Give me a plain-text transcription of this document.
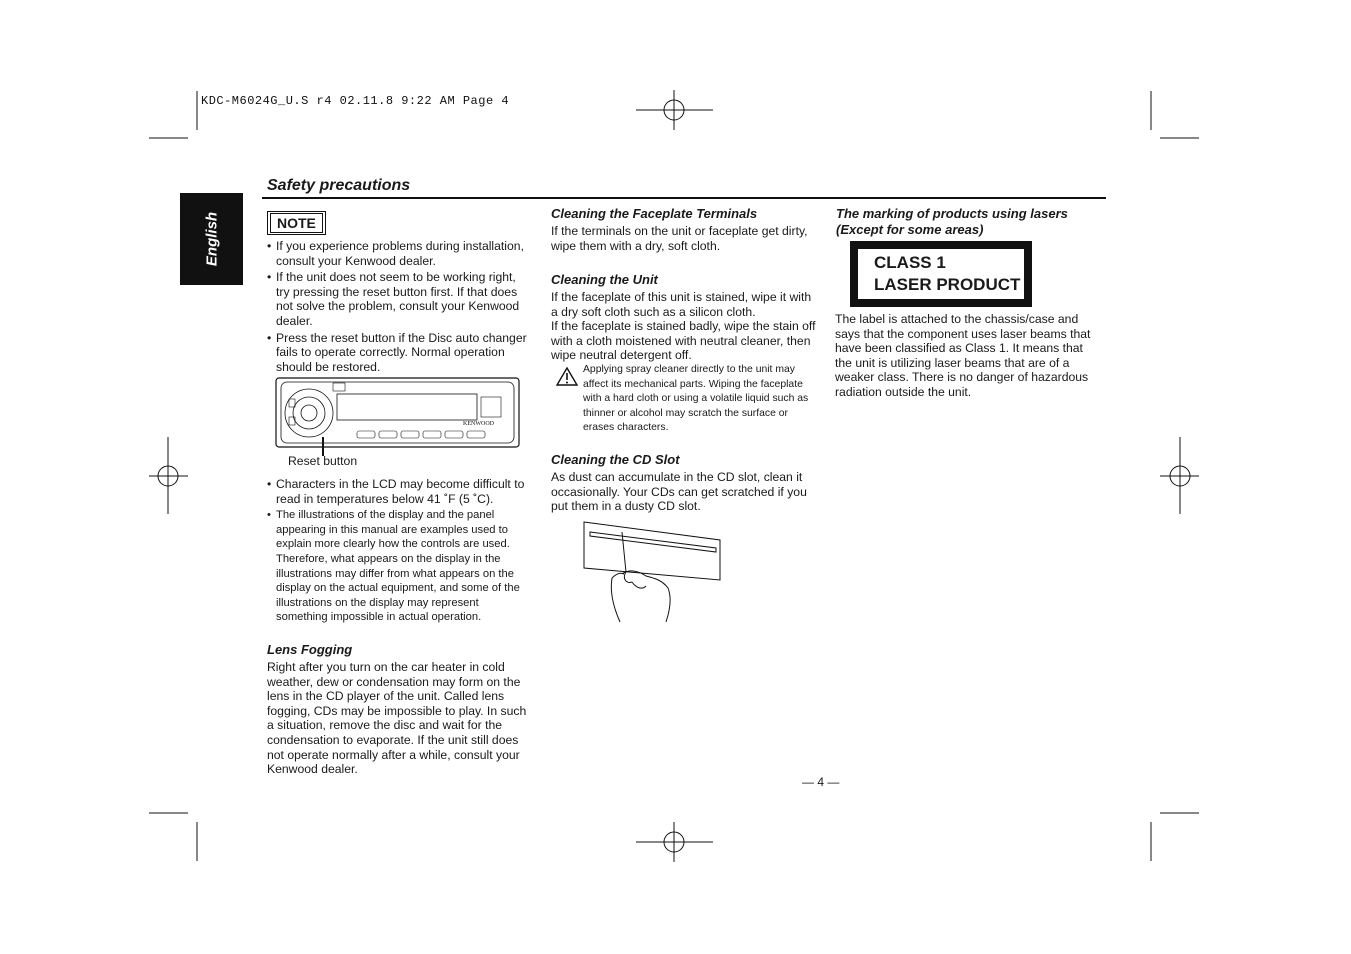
KDC-M6024G_U.S r4 02.11.8 9:22 AM Page 4
English
Safety precautions
NOTE
• If you experience problems during installation, consult your Kenwood dealer.
• If the unit does not seem to be working right, try pressing the reset button first. If that does not solve the problem, consult your Kenwood dealer.
• Press the reset button if the Disc auto changer fails to operate correctly. Normal operation should be restored.
KENWOOD
Reset button
• Characters in the LCD may become difficult to read in temperatures below 41 ˚F (5 ˚C).
• The illustrations of the display and the panel appearing in this manual are examples used to explain more clearly how the controls are used. Therefore, what appears on the display in the illustrations may differ from what appears on the display on the actual equipment, and some of the illustrations on the display may represent something impossible in actual operation.
Lens Fogging

Right after you turn on the car heater in cold weather, dew or condensation may form on the lens in the CD player of the unit. Called lens fogging, CDs may be impossible to play. In such a situation, remove the disc and wait for the condensation to evaporate. If the unit still does not operate normally after a while, consult your Kenwood dealer.

Cleaning the Faceplate Terminals

If the terminals on the unit or faceplate get dirty, wipe them with a dry, soft cloth.

Cleaning the Unit

If the faceplate of this unit is stained, wipe it with a dry soft cloth such as a silicon cloth.

If the faceplate is stained badly, wipe the stain off with a cloth moistened with neutral cleaner, then wipe neutral detergent off.

Applying spray cleaner directly to the unit may affect its mechanical parts. Wiping the faceplate with a hard cloth or using a volatile liquid such as thinner or alcohol may scratch the surface or erases characters.
Cleaning the CD Slot

As dust can accumulate in the CD slot, clean it occasionally. Your CDs can get scratched if you put them in a dusty CD slot.

The marking of products using lasers (Except for some areas)
CLASS 1
LASER PRODUCT
The label is attached to the chassis/case and says that the component uses laser beams that have been classified as Class 1. It means that the unit is utilizing laser beams that are of a weaker class. There is no danger of hazardous radiation outside the unit.
— 4 —
